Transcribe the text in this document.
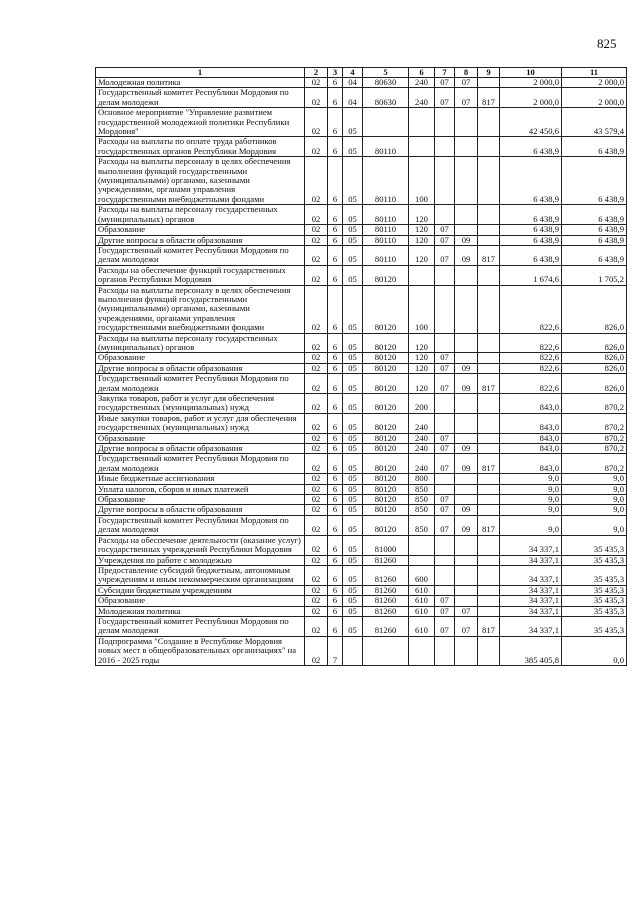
825
1	2	3	4	5	6	7	8	9	10	11
Молодежная политика	02	6	04	80630	240	07	07		2 000,0	2 000,0
Государственный комитет Республики Мордовия по делам молодежи	02	6	04	80630	240	07	07	817	2 000,0	2 000,0
Основное мероприятие "Управление развитием государственной молодежной политики Республики Мордовия"	02	6	05						42 450,6	43 579,4
Расходы на выплаты по оплате труда работников государственных органов Республики Мордовия	02	6	05	80110					6 438,9	6 438,9
Расходы на выплаты персоналу в целях обеспечения выполнения функций государственными (муниципальными) органами, казенными учреждениями, органами управления государственными внебюджетными фондами	02	6	05	80110	100				6 438,9	6 438,9
Расходы на выплаты персоналу государственных (муниципальных) органов	02	6	05	80110	120				6 438,9	6 438,9
Образование	02	6	05	80110	120	07			6 438,9	6 438,9
Другие вопросы в области образования	02	6	05	80110	120	07	09		6 438,9	6 438,9
Государственный комитет Республики Мордовия по делам молодежи	02	6	05	80110	120	07	09	817	6 438,9	6 438,9
Расходы на обеспечение функций государственных органов Республики Мордовия	02	6	05	80120					1 674,6	1 705,2
Расходы на выплаты персоналу в целях обеспечения выполнения функций государственными (муниципальными) органами, казенными учреждениями, органами управления государственными внебюджетными фондами	02	6	05	80120	100				822,6	826,0
Расходы на выплаты персоналу государственных (муниципальных) органов	02	6	05	80120	120				822,6	826,0
Образование	02	6	05	80120	120	07			822,6	826,0
Другие вопросы в области образования	02	6	05	80120	120	07	09		822,6	826,0
Государственный комитет Республики Мордовия по делам молодежи	02	6	05	80120	120	07	09	817	822,6	826,0
Закупка товаров, работ и услуг для обеспечения государственных (муниципальных) нужд	02	6	05	80120	200				843,0	870,2
Иные закупки товаров, работ и услуг для обеспечения государственных (муниципальных) нужд	02	6	05	80120	240				843,0	870,2
Образование	02	6	05	80120	240	07			843,0	870,2
Другие вопросы в области образования	02	6	05	80120	240	07	09		843,0	870,2
Государственный комитет Республики Мордовия по делам молодежи	02	6	05	80120	240	07	09	817	843,0	870,2
Иные бюджетные ассигнования	02	6	05	80120	800				9,0	9,0
Уплата налогов, сборов и иных платежей	02	6	05	80120	850				9,0	9,0
Образование	02	6	05	80120	850	07			9,0	9,0
Другие вопросы в области образования	02	6	05	80120	850	07	09		9,0	9,0
Государственный комитет Республики Мордовия по делам молодежи	02	6	05	80120	850	07	09	817	9,0	9,0
Расходы на обеспечение деятельности (оказание услуг) государственных учреждений Республики Мордовия	02	6	05	81000					34 337,1	35 435,3
Учреждения по работе с молодежью	02	6	05	81260					34 337,1	35 435,3
Предоставление субсидий бюджетным, автономным учреждениям и иным некоммерческим организациям	02	6	05	81260	600				34 337,1	35 435,3
Субсидии бюджетным учреждениям	02	6	05	81260	610				34 337,1	35 435,3
Образование	02	6	05	81260	610	07			34 337,1	35 435,3
Молодежная политика	02	6	05	81260	610	07	07		34 337,1	35 435,3
Государственный комитет Республики Мордовия по делам молодежи	02	6	05	81260	610	07	07	817	34 337,1	35 435,3
Подпрограмма "Создание в Республике Мордовия новых мест в общеобразовательных организациях" на 2016 - 2025 годы	02	7							385 405,8	0,0
